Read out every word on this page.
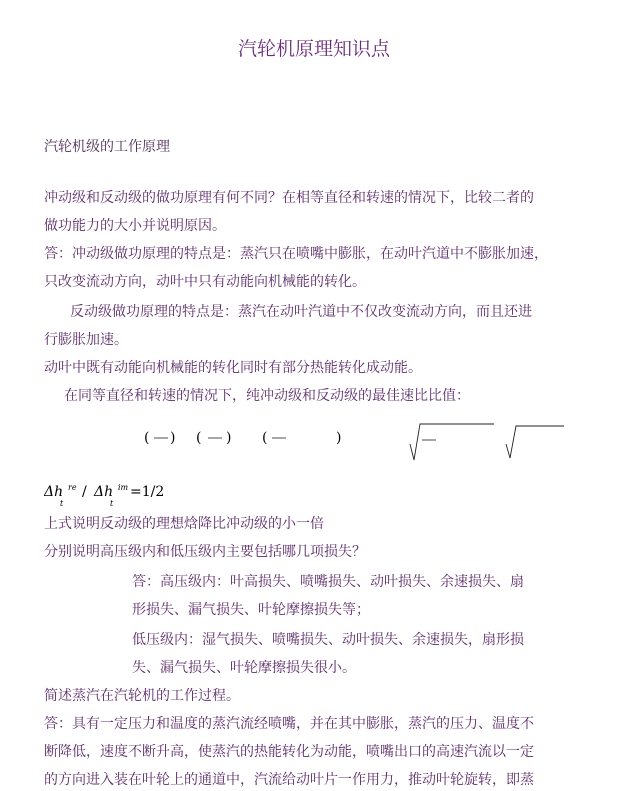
汽轮机原理知识点
汽轮机级的工作原理
冲动级和反动级的做功原理有何不同？在相等直径和转速的情况下，比较二者的
做功能力的大小并说明原因。
答：冲动级做功原理的特点是：蒸汽只在喷嘴中膨胀，在动叶汽道中不膨胀加速，
只改变流动方向，动叶中只有动能向机械能的转化。
反动级做功原理的特点是：蒸汽在动叶汽道中不仅改变流动方向，而且还进
行膨胀加速。
动叶中既有动能向机械能的转化同时有部分热能转化成动能。
在同等直径和转速的情况下，纯冲动级和反动级的最佳速比比值：
( ) ( ) (	)
Δh re
t
/ Δh im
t
=1/2
上式说明反动级的理想焓降比冲动级的小一倍
分别说明高压级内和低压级内主要包括哪几项损失？
答：高压级内：叶高损失、喷嘴损失、动叶损失、余速损失、扇
形损失、漏气损失、叶轮摩擦损失等；
低压级内：湿气损失、喷嘴损失、动叶损失、余速损失，扇形损
失、漏气损失、叶轮摩擦损失很小。
简述蒸汽在汽轮机的工作过程。
答：具有一定压力和温度的蒸汽流经喷嘴，并在其中膨胀，蒸汽的压力、温度不
断降低，速度不断升高，使蒸汽的热能转化为动能，喷嘴出口的高速汽流以一定
的方向进入装在叶轮上的通道中，汽流给动叶片一作用力，推动叶轮旋转，即蒸
